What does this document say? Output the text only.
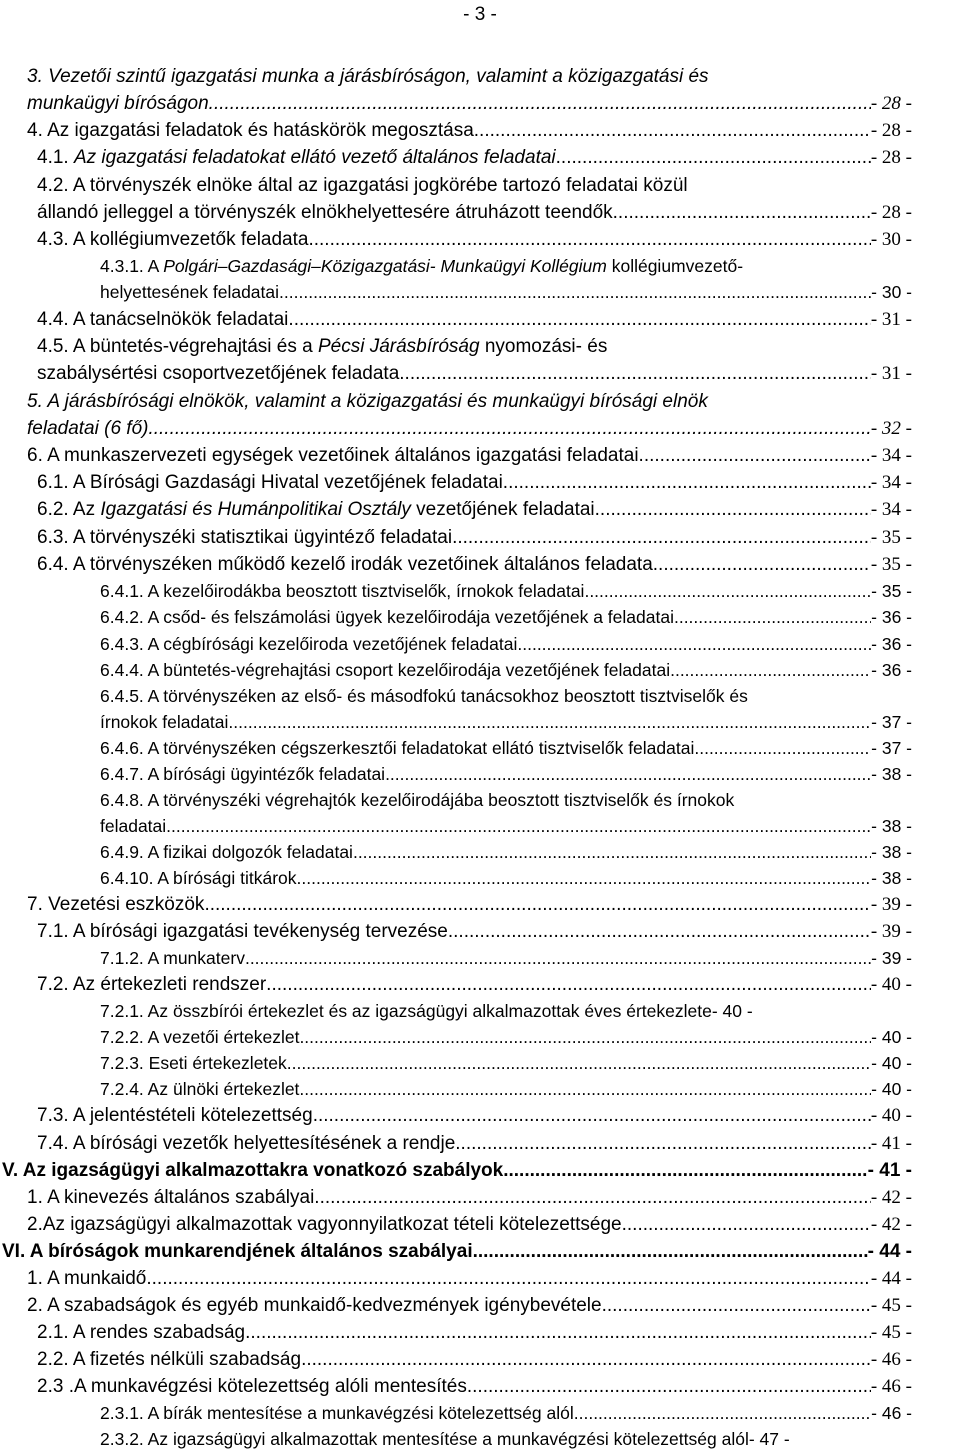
- 3 -
3. Vezetői szintű igazgatási munka a járásbíróságon, valamint a közigazgatási és
munkaügyi bíróságon .....	- 28 -
4. Az igazgatási feladatok és hatáskörök megosztása .....	- 28 -
4.1. Az igazgatási feladatokat ellátó vezető általános feladatai .....	- 28 -
4.2. A törvényszék elnöke által az igazgatási jogkörébe tartozó feladatai közül
állandó jelleggel a törvényszék elnökhelyettesére átruházott teendők .....	- 28 -
4.3. A kollégiumvezetők feladata .....	- 30 -
4.3.1. A Polgári–Gazdasági–Közigazgatási- Munkaügyi Kollégium kollégiumvezető-
helyettesének feladatai .....	- 30 -
4.4. A tanácselnökök feladatai .....	- 31 -
4.5. A büntetés-végrehajtási és a Pécsi Járásbíróság nyomozási- és
szabálysértési csoportvezetőjének feladata .....	- 31 -
5. A járásbírósági elnökök, valamint a közigazgatási és munkaügyi bírósági elnök
feladatai (6 fő) .....	- 32 -
6. A munkaszervezeti egységek vezetőinek általános igazgatási feladatai .....	- 34 -
6.1. A Bírósági Gazdasági Hivatal vezetőjének feladatai .....	- 34 -
6.2. Az Igazgatási és Humánpolitikai Osztály vezetőjének feladatai .....	- 34 -
6.3. A törvényszéki statisztikai ügyintéző feladatai .....	- 35 -
6.4. A törvényszéken működő kezelő irodák vezetőinek általános feladata .....	- 35 -
6.4.1. A kezelőirodákba beosztott tisztviselők, írnokok feladatai .....	- 35 -
6.4.2. A csőd- és felszámolási ügyek kezelőirodája vezetőjének a feladatai .....	- 36 -
6.4.3. A cégbírósági kezelőiroda vezetőjének feladatai .....	- 36 -
6.4.4. A büntetés-végrehajtási csoport kezelőirodája vezetőjének feladatai .....	- 36 -
6.4.5. A törvényszéken az első- és másodfokú tanácsokhoz beosztott tisztviselők és
írnokok feladatai .....	- 37 -
6.4.6. A törvényszéken cégszerkesztői feladatokat ellátó tisztviselők feladatai .....	- 37 -
6.4.7. A bírósági ügyintézők feladatai .....	- 38 -
6.4.8. A törvényszéki végrehajtók kezelőirodájába beosztott tisztviselők és írnokok
feladatai .....	- 38 -
6.4.9. A fizikai dolgozók feladatai .....	- 38 -
6.4.10. A bírósági titkárok .....	- 38 -
7. Vezetési eszközök .....	- 39 -
7.1. A bírósági igazgatási tevékenység tervezése .....	- 39 -
7.1.2. A munkaterv .....	- 39 -
7.2. Az értekezleti rendszer .....	- 40 -
7.2.1. Az összbírói értekezlet és az igazságügyi alkalmazottak éves értekezlete - 40 -
7.2.2. A vezetői értekezlet .....	- 40 -
7.2.3. Eseti értekezletek .....	- 40 -
7.2.4. Az ülnöki értekezlet .....	- 40 -
7.3. A jelentéstételi kötelezettség .....	- 40 -
7.4. A bírósági vezetők helyettesítésének a rendje .....	- 41 -
V. Az igazságügyi alkalmazottakra vonatkozó szabályok .....	- 41 -
1. A kinevezés általános szabályai .....	- 42 -
2.Az igazságügyi alkalmazottak vagyonnyilatkozat tételi kötelezettsége .....	- 42 -
VI. A bíróságok munkarendjének általános szabályai .....	- 44 -
1. A munkaidő .....	- 44 -
2. A szabadságok és egyéb munkaidő-kedvezmények igénybevétele .....	- 45 -
2.1. A rendes szabadság .....	- 45 -
2.2. A fizetés nélküli szabadság .....	- 46 -
2.3 .A munkavégzési kötelezettség alóli mentesítés .....	- 46 -
2.3.1. A bírák mentesítése a munkavégzési kötelezettség alól .....	- 46 -
2.3.2. Az igazságügyi alkalmazottak mentesítése a munkavégzési kötelezettség alól - 47 -
